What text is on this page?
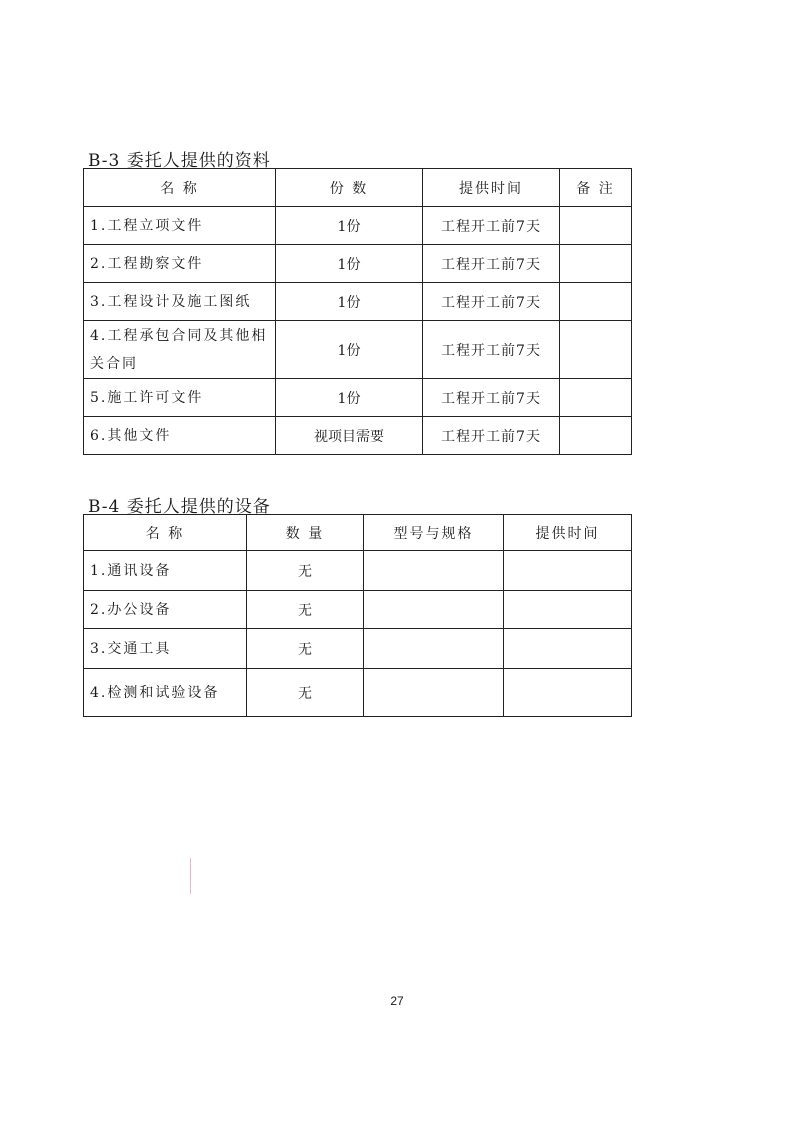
B-3 委托人提供的资料
名 称	份 数	提供时间	备 注
1.工程立项文件	1份	工程开工前7天	
2.工程勘察文件	1份	工程开工前7天	
3.工程设计及施工图纸	1份	工程开工前7天	
4.工程承包合同及其他相关合同	1份	工程开工前7天	
5.施工许可文件	1份	工程开工前7天	
6.其他文件	视项目需要	工程开工前7天	
B-4 委托人提供的设备
名 称	数 量	型号与规格	提供时间
1.通讯设备	无		
2.办公设备	无		
3.交通工具	无		
4.检测和试验设备	无		
27
